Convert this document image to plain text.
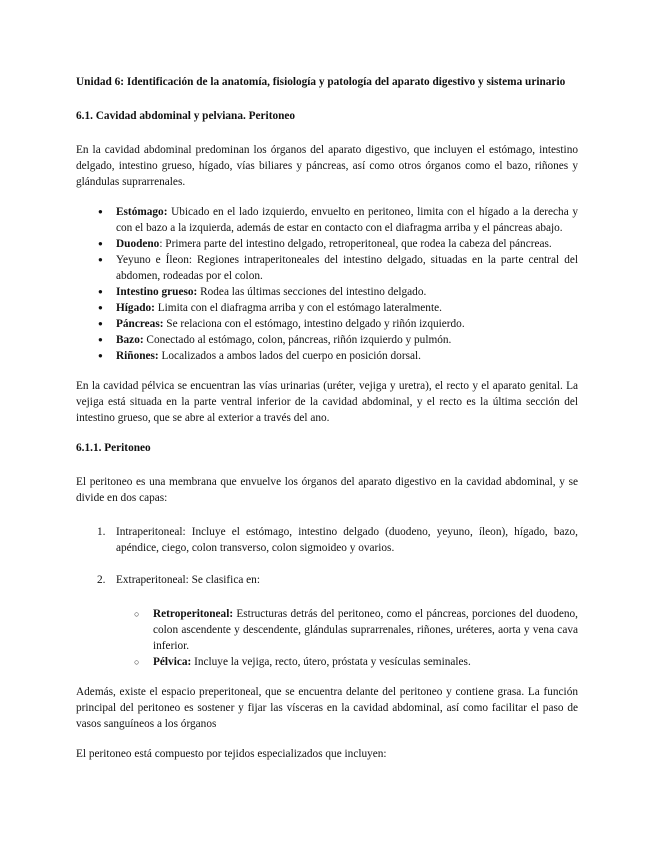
Unidad 6: Identificación de la anatomía, fisiología y patología del aparato digestivo y sistema urinario
6.1. Cavidad abdominal y pelviana. Peritoneo

En la cavidad abdominal predominan los órganos del aparato digestivo, que incluyen el estómago, intestino delgado, intestino grueso, hígado, vías biliares y páncreas, así como otros órganos como el bazo, riñones y glándulas suprarrenales.

● Estómago: Ubicado en el lado izquierdo, envuelto en peritoneo, limita con el hígado a la derecha y con el bazo a la izquierda, además de estar en contacto con el diafragma arriba y el páncreas abajo.
● Duodeno: Primera parte del intestino delgado, retroperitoneal, que rodea la cabeza del páncreas.
● Yeyuno e Íleon: Regiones intraperitoneales del intestino delgado, situadas en la parte central del abdomen, rodeadas por el colon.
● Intestino grueso: Rodea las últimas secciones del intestino delgado.
● Hígado: Limita con el diafragma arriba y con el estómago lateralmente.
● Páncreas: Se relaciona con el estómago, intestino delgado y riñón izquierdo.
● Bazo: Conectado al estómago, colon, páncreas, riñón izquierdo y pulmón.
● Riñones: Localizados a ambos lados del cuerpo en posición dorsal.

En la cavidad pélvica se encuentran las vías urinarias (uréter, vejiga y uretra), el recto y el aparato genital. La vejiga está situada en la parte ventral inferior de la cavidad abdominal, y el recto es la última sección del intestino grueso, que se abre al exterior a través del ano.

6.1.1. Peritoneo

El peritoneo es una membrana que envuelve los órganos del aparato digestivo en la cavidad abdominal, y se divide en dos capas:

1. Intraperitoneal: Incluye el estómago, intestino delgado (duodeno, yeyuno, íleon), hígado, bazo, apéndice, ciego, colon transverso, colon sigmoideo y ovarios.
2. Extraperitoneal: Se clasifica en:
○ Retroperitoneal: Estructuras detrás del peritoneo, como el páncreas, porciones del duodeno, colon ascendente y descendente, glándulas suprarrenales, riñones, uréteres, aorta y vena cava inferior.
○ Pélvica: Incluye la vejiga, recto, útero, próstata y vesículas seminales.

Además, existe el espacio preperitoneal, que se encuentra delante del peritoneo y contiene grasa. La función principal del peritoneo es sostener y fijar las vísceras en la cavidad abdominal, así como facilitar el paso de vasos sanguíneos a los órganos

El peritoneo está compuesto por tejidos especializados que incluyen:
